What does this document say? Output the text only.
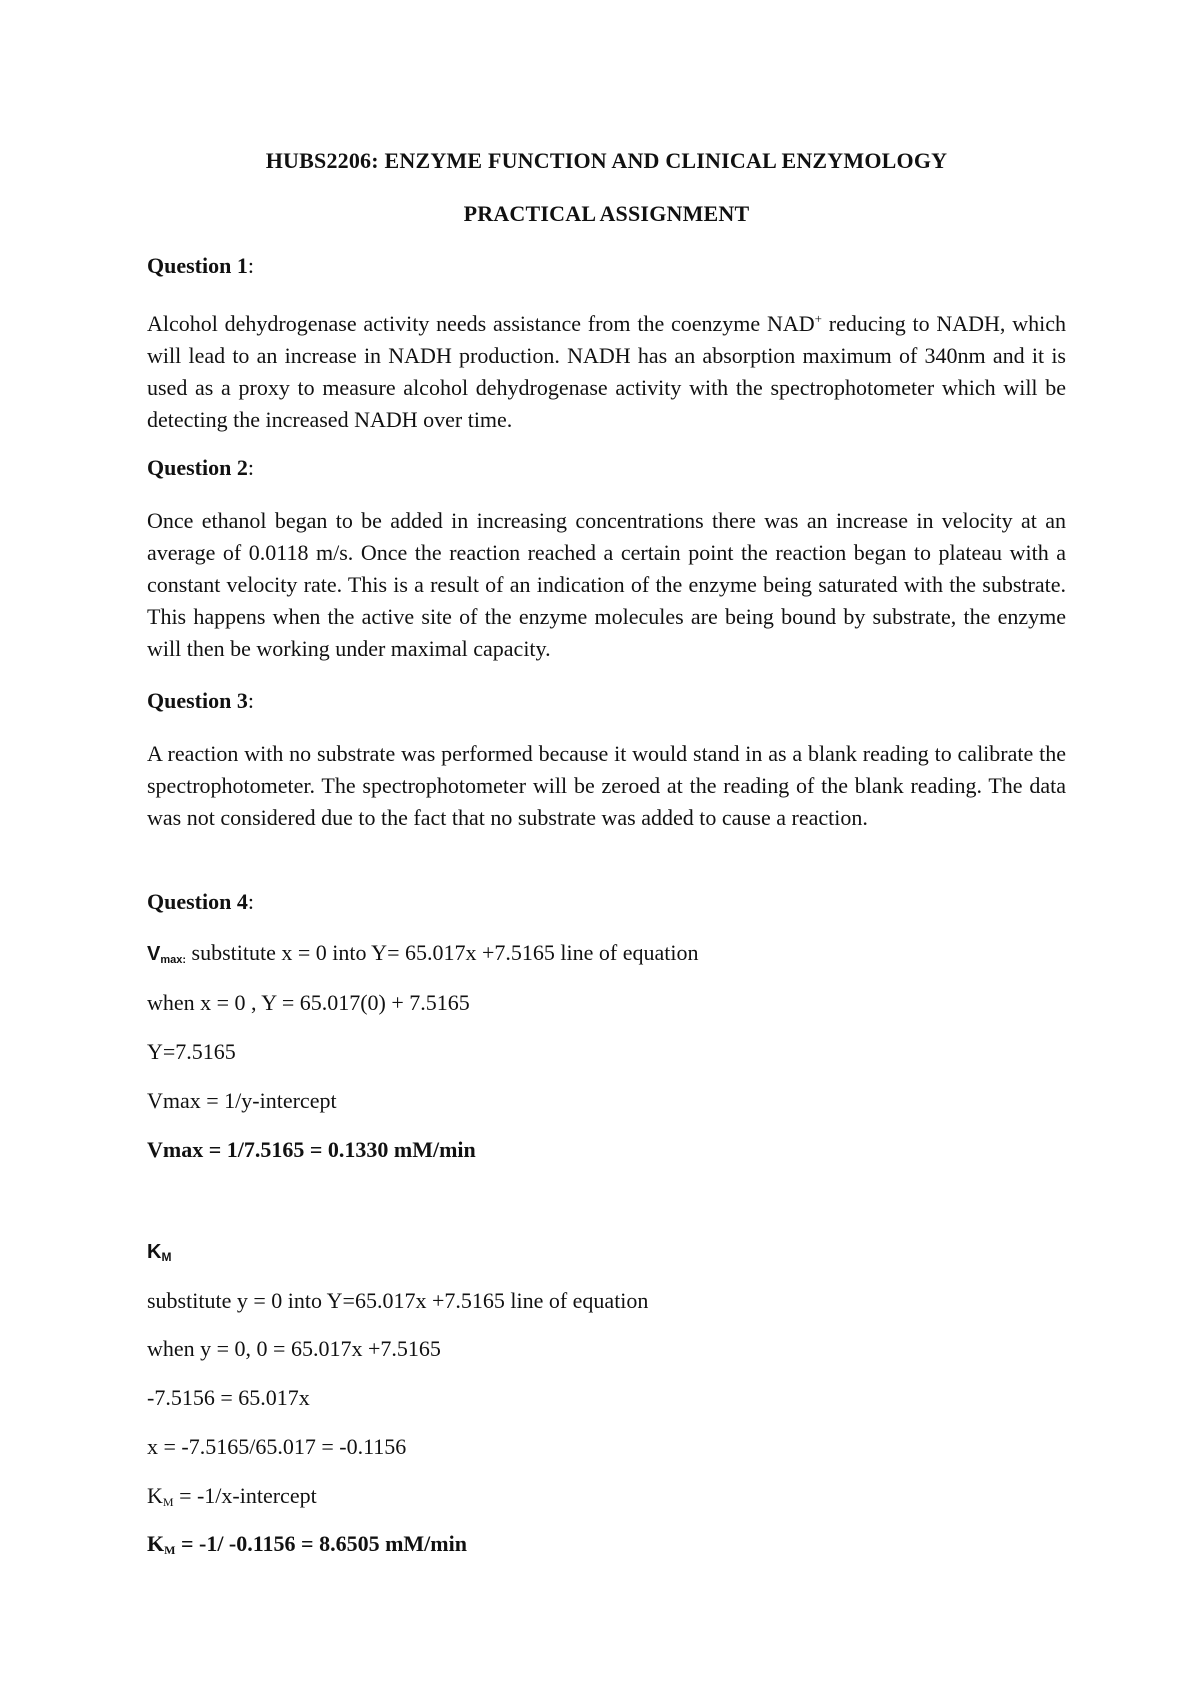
HUBS2206: ENZYME FUNCTION AND CLINICAL ENZYMOLOGY

PRACTICAL ASSIGNMENT

Question 1:

Alcohol dehydrogenase activity needs assistance from the coenzyme NAD+ reducing to NADH, which will lead to an increase in NADH production. NADH has an absorption maximum of 340nm and it is used as a proxy to measure alcohol dehydrogenase activity with the spectrophotometer which will be detecting the increased NADH over time.

Question 2:

Once ethanol began to be added in increasing concentrations there was an increase in velocity at an average of 0.0118 m/s. Once the reaction reached a certain point the reaction began to plateau with a constant velocity rate. This is a result of an indication of the enzyme being saturated with the substrate. This happens when the active site of the enzyme molecules are being bound by substrate, the enzyme will then be working under maximal capacity.

Question 3:

A reaction with no substrate was performed because it would stand in as a blank reading to calibrate the spectrophotometer. The spectrophotometer will be zeroed at the reading of the blank reading. The data was not considered due to the fact that no substrate was added to cause a reaction.

Question 4:

$V_{max:}$ substitute x = 0 into Y= 65.017x +7.5165 line of equation

when x = 0 , Y = 65.017(0) + 7.5165

Y=7.5165

Vmax = 1/y-intercept

Vmax = 1/7.5165 = 0.1330 mM/min

$K_M$

substitute y = 0 into Y=65.017x +7.5165 line of equation

when y = 0, 0 = 65.017x +7.5165

-7.5156 = 65.017x

x = -7.5165/65.017 = -0.1156

$K_M$ = -1/x-intercept

$K_M = -1/$ -0.1156 = 8.6505 mM/min
